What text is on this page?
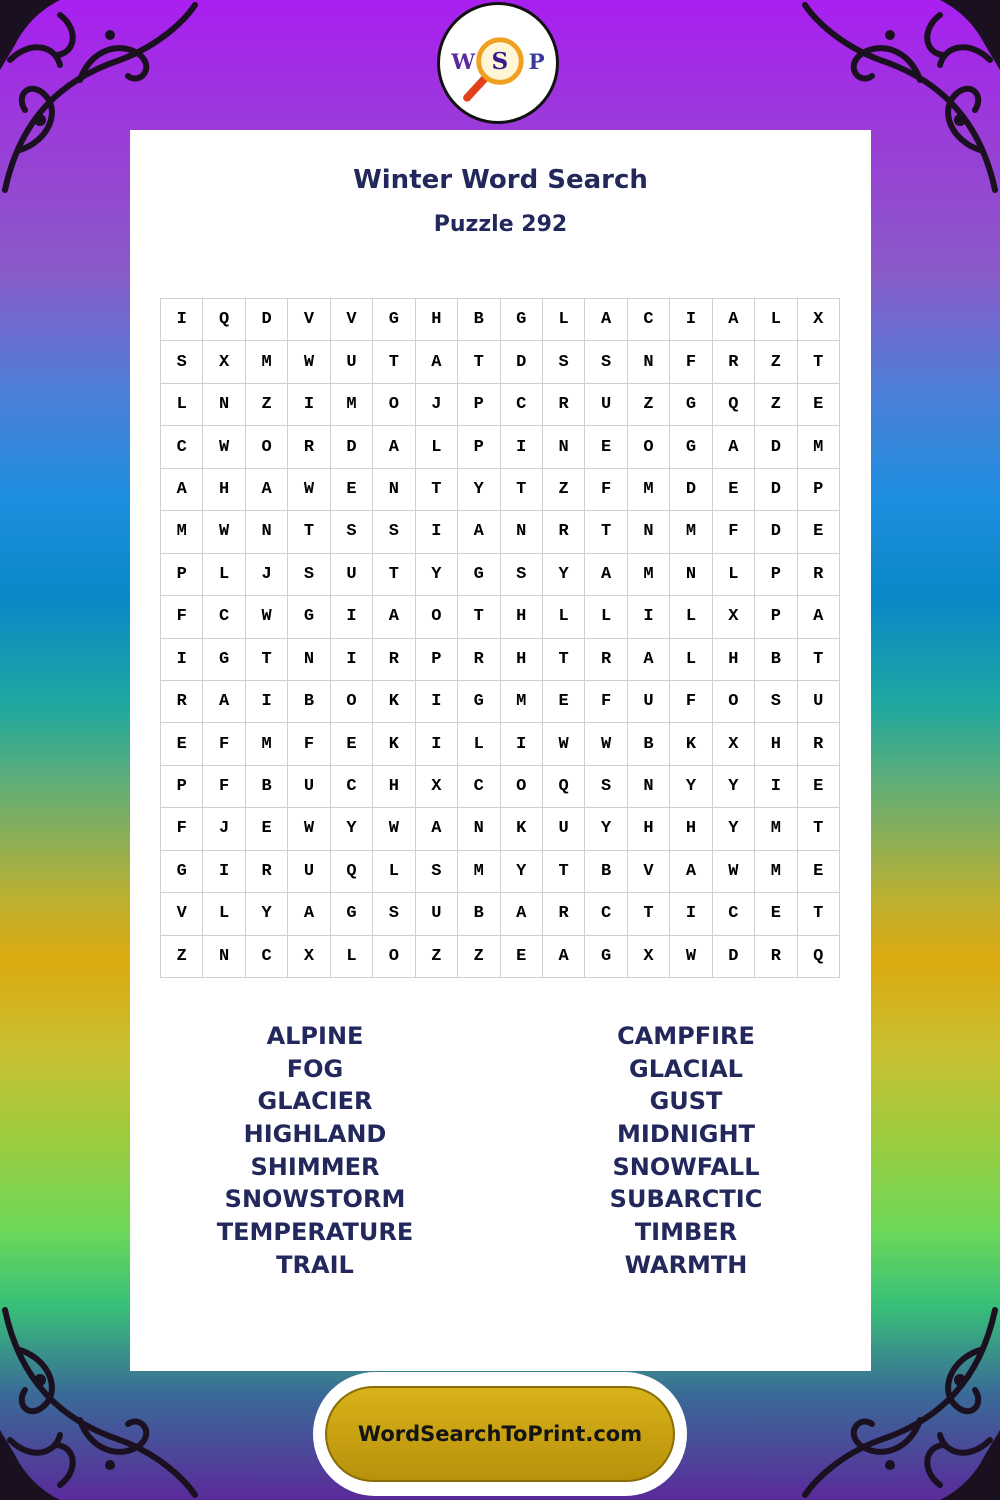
S
W P
Winter Word Search
Puzzle 292
I	Q	D	V	V	G	H	B	G	L	A	C	I	A	L	X
S	X	M	W	U	T	A	T	D	S	S	N	F	R	Z	T
L	N	Z	I	M	O	J	P	C	R	U	Z	G	Q	Z	E
C	W	O	R	D	A	L	P	I	N	E	O	G	A	D	M
A	H	A	W	E	N	T	Y	T	Z	F	M	D	E	D	P
M	W	N	T	S	S	I	A	N	R	T	N	M	F	D	E
P	L	J	S	U	T	Y	G	S	Y	A	M	N	L	P	R
F	C	W	G	I	A	O	T	H	L	L	I	L	X	P	A
I	G	T	N	I	R	P	R	H	T	R	A	L	H	B	T
R	A	I	B	O	K	I	G	M	E	F	U	F	O	S	U
E	F	M	F	E	K	I	L	I	W	W	B	K	X	H	R
P	F	B	U	C	H	X	C	O	Q	S	N	Y	Y	I	E
F	J	E	W	Y	W	A	N	K	U	Y	H	H	Y	M	T
G	I	R	U	Q	L	S	M	Y	T	B	V	A	W	M	E
V	L	Y	A	G	S	U	B	A	R	C	T	I	C	E	T
Z	N	C	X	L	O	Z	Z	E	A	G	X	W	D	R	Q
ALPINE
FOG
GLACIER
HIGHLAND
SHIMMER
SNOWSTORM
TEMPERATURE
TRAIL
CAMPFIRE
GLACIAL
GUST
MIDNIGHT
SNOWFALL
SUBARCTIC
TIMBER
WARMTH
WordSearchToPrint.com
